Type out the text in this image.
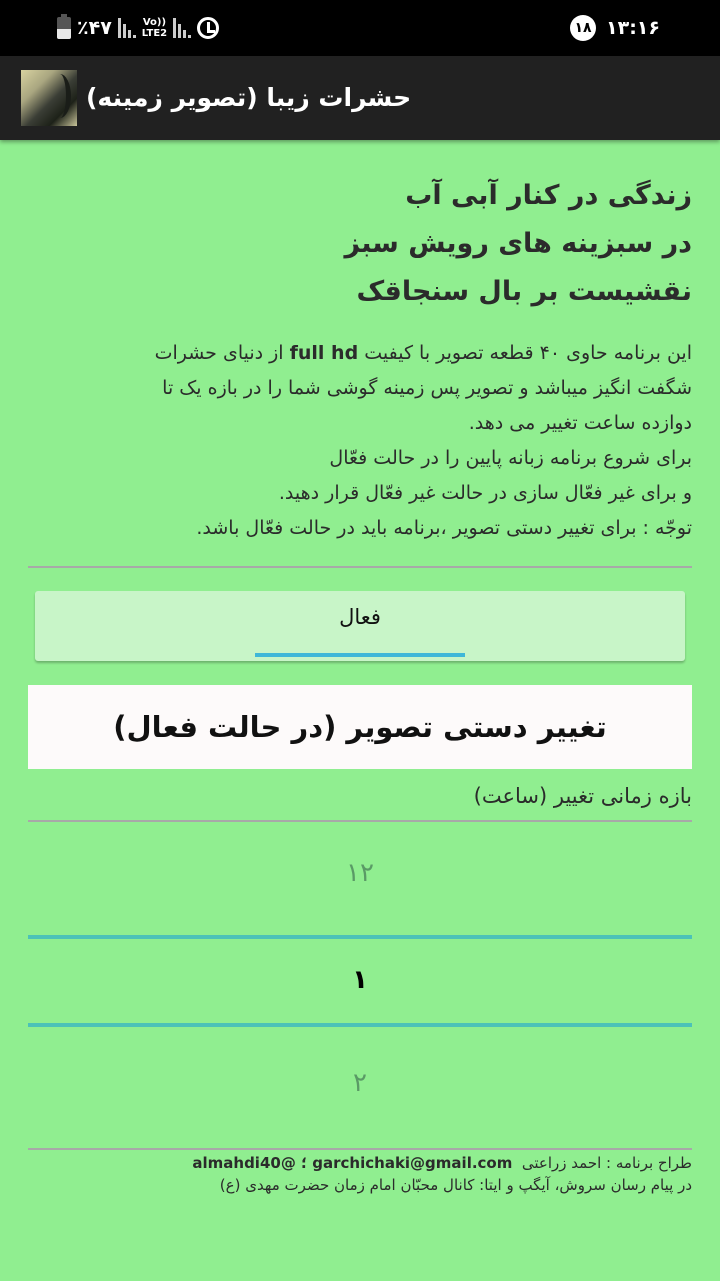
٪۴۷	Vo))
LTE2	۱۸ ۱۳:۱۶
حشرات زیبا (تصویر زمینه)
زندگی در کنار آبی آب
در سبزینه های رویش سبز
نقشیست بر بال سنجاقک
این برنامه حاوی ۴۰ قطعه تصویر با کیفیت full hd از دنیای حشرات
شگفت انگیز میباشد و تصویر پس زمینه گوشی شما را در بازه یک تا
دوازده ساعت تغییر می دهد.
برای شروع برنامه زبانه پایین را در حالت فعّال
و برای غیر فعّال سازی در حالت غیر فعّال قرار دهید.
توجّه : برای تغییر دستی تصویر ،برنامه باید در حالت فعّال باشد.
فعال
تغییر دستی تصویر (در حالت فعال)
بازه زمانی تغییر (ساعت)
۱۲
۱
۲
طراح برنامه : احمد زراعتی  garchichaki@gmail.com ؛ @almahdi40
در پیام رسان سروش، آیگپ و ایتا: کانال محبّان امام زمان حضرت مهدی (ع)
